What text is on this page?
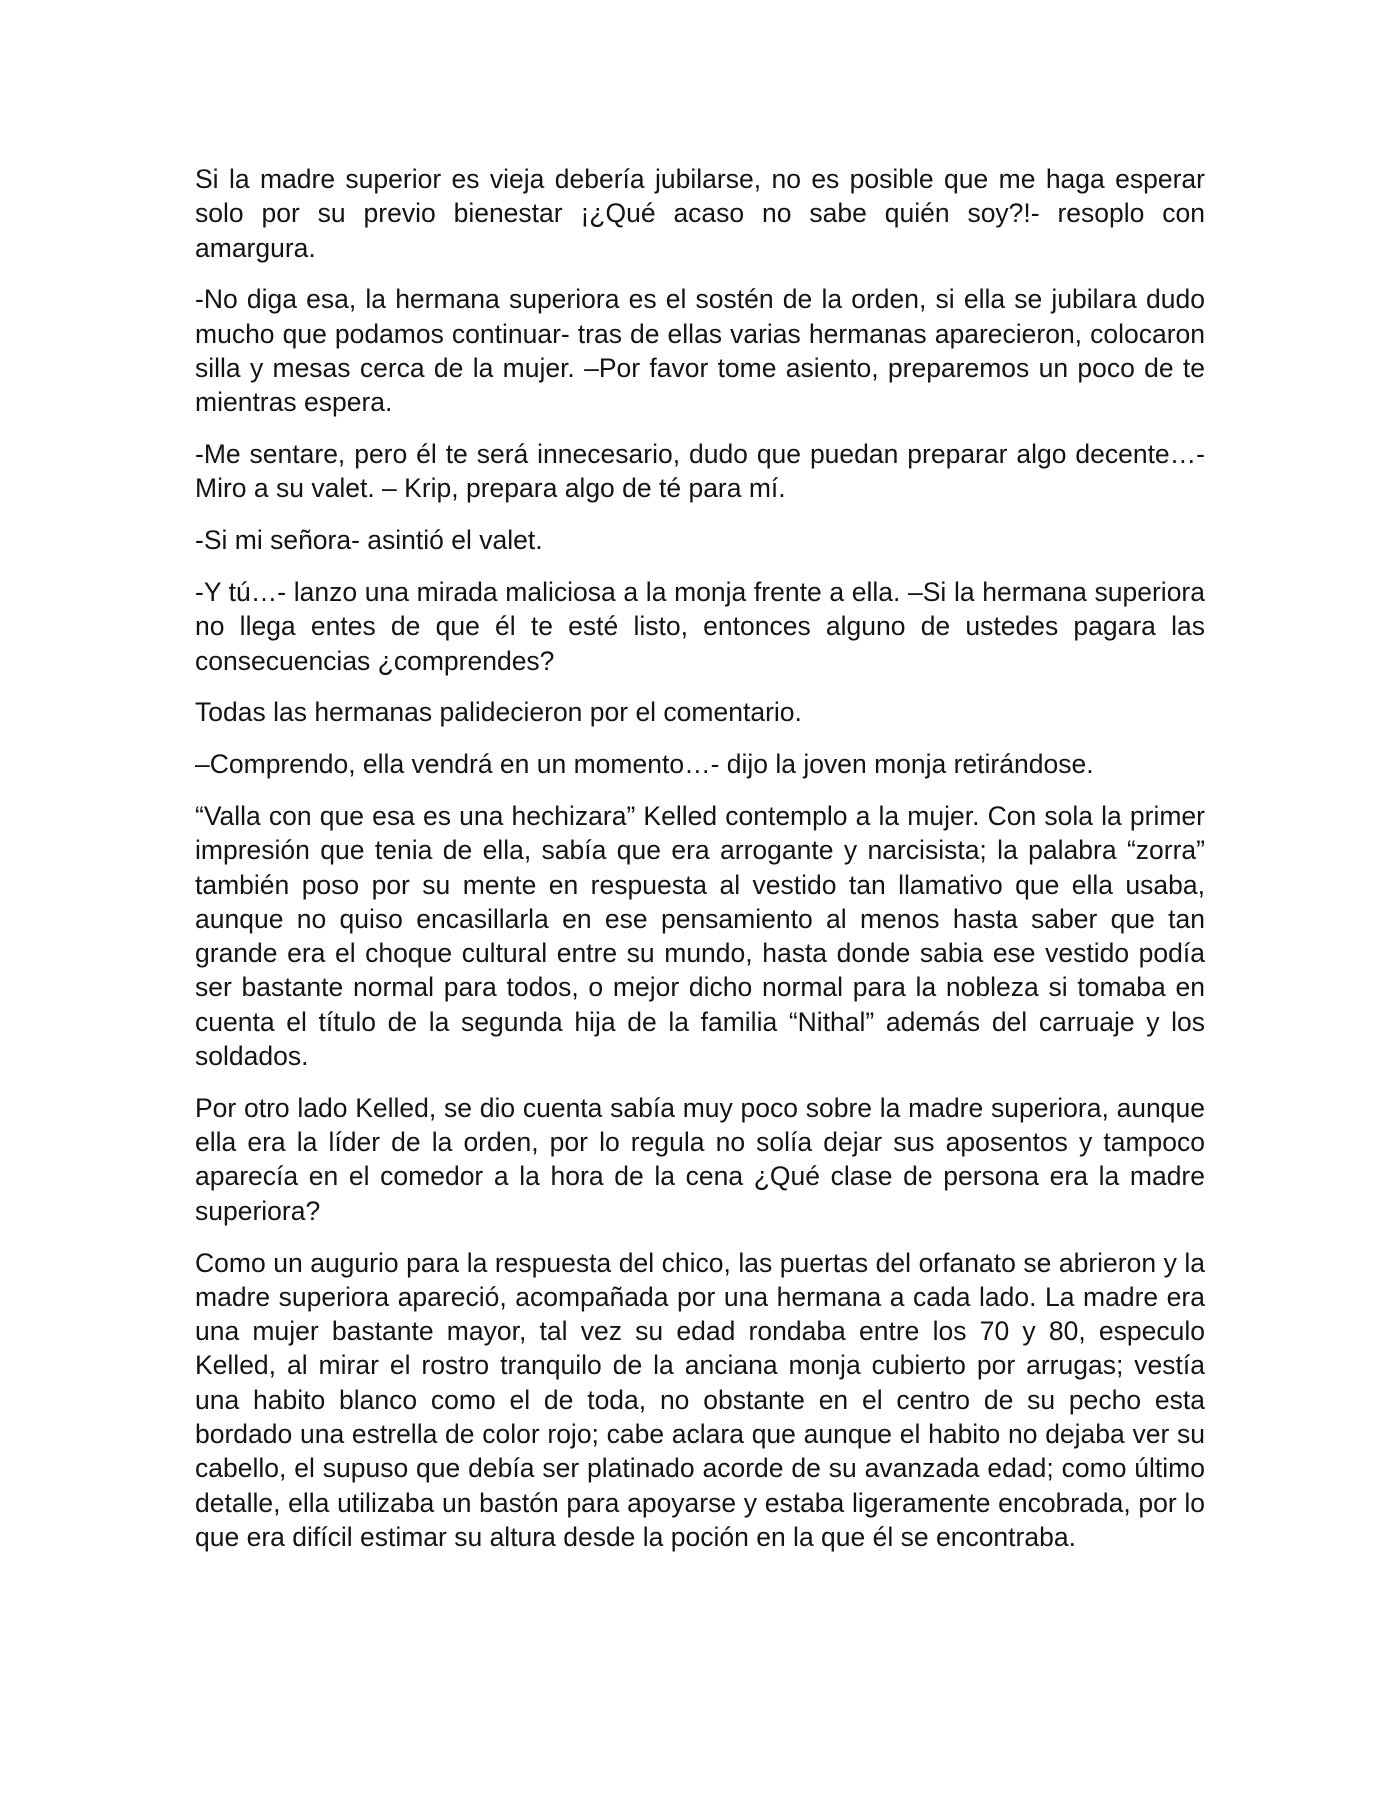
Si la madre superior es vieja debería jubilarse, no es posible que me haga esperar solo por su previo bienestar ¡¿Qué acaso no sabe quién soy?!- resoplo con amargura.

-No diga esa, la hermana superiora es el sostén de la orden, si ella se jubilara dudo mucho que podamos continuar- tras de ellas varias hermanas aparecieron, colocaron silla y mesas cerca de la mujer. –Por favor tome asiento, preparemos un poco de te mientras espera.

-Me sentare, pero él te será innecesario, dudo que puedan preparar algo decente…- Miro a su valet. – Krip, prepara algo de té para mí.

-Si mi señora- asintió el valet.

-Y tú…- lanzo una mirada maliciosa a la monja frente a ella. –Si la hermana superiora no llega entes de que él te esté listo, entonces alguno de ustedes pagara las consecuencias ¿comprendes?

Todas las hermanas palidecieron por el comentario.

–Comprendo, ella vendrá en un momento…- dijo la joven monja retirándose.

“Valla con que esa es una hechizara” Kelled contemplo a la mujer. Con sola la primer impresión que tenia de ella, sabía que era arrogante y narcisista; la palabra “zorra” también poso por su mente en respuesta al vestido tan llamativo que ella usaba, aunque no quiso encasillarla en ese pensamiento al menos hasta saber que tan grande era el choque cultural entre su mundo, hasta donde sabia ese vestido podía ser bastante normal para todos, o mejor dicho normal para la nobleza si tomaba en cuenta el título de la segunda hija de la familia “Nithal” además del carruaje y los soldados.

Por otro lado Kelled, se dio cuenta sabía muy poco sobre la madre superiora, aunque ella era la líder de la orden, por lo regula no solía dejar sus aposentos y tampoco aparecía en el comedor a la hora de la cena ¿Qué clase de persona era la madre superiora?

Como un augurio para la respuesta del chico, las puertas del orfanato se abrieron y la madre superiora apareció, acompañada por una hermana a cada lado. La madre era una mujer bastante mayor, tal vez su edad rondaba entre los 70 y 80, especulo Kelled, al mirar el rostro tranquilo de la anciana monja cubierto por arrugas; vestía una habito blanco como el de toda, no obstante en el centro de su pecho esta bordado una estrella de color rojo; cabe aclara que aunque el habito no dejaba ver su cabello, el supuso que debía ser platinado acorde de su avanzada edad; como último detalle, ella utilizaba un bastón para apoyarse y estaba ligeramente encobrada, por lo que era difícil estimar su altura desde la poción en la que él se encontraba.
